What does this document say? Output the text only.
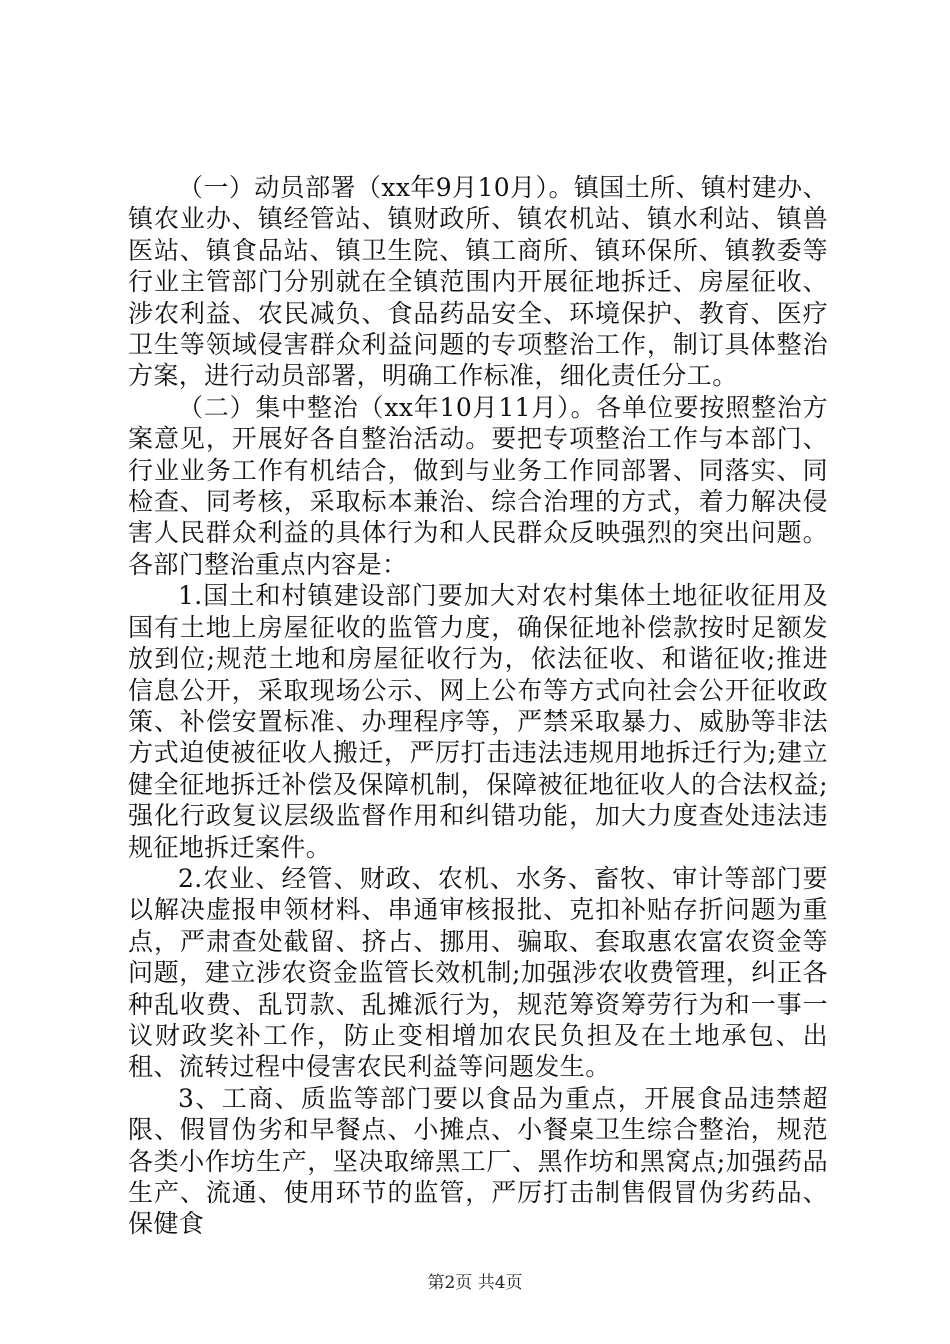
（一）动员部署（xx年9月10月）。镇国土所、镇村建办、镇农业办、镇经管站、镇财政所、镇农机站、镇水利站、镇兽医站、镇食品站、镇卫生院、镇工商所、镇环保所、镇教委等行业主管部门分别就在全镇范围内开展征地拆迁、房屋征收、涉农利益、农民减负、食品药品安全、环境保护、教育、医疗卫生等领域侵害群众利益问题的专项整治工作，制订具体整治方案，进行动员部署，明确工作标准，细化责任分工。

（二）集中整治（xx年10月11月）。各单位要按照整治方案意见，开展好各自整治活动。要把专项整治工作与本部门、行业业务工作有机结合，做到与业务工作同部署、同落实、同检查、同考核，采取标本兼治、综合治理的方式，着力解决侵害人民群众利益的具体行为和人民群众反映强烈的突出问题。各部门整治重点内容是：

1.国土和村镇建设部门要加大对农村集体土地征收征用及国有土地上房屋征收的监管力度，确保征地补偿款按时足额发放到位;规范土地和房屋征收行为，依法征收、和谐征收;推进信息公开，采取现场公示、网上公布等方式向社会公开征收政策、补偿安置标准、办理程序等，严禁采取暴力、威胁等非法方式迫使被征收人搬迁，严厉打击违法违规用地拆迁行为;建立健全征地拆迁补偿及保障机制，保障被征地征收人的合法权益;强化行政复议层级监督作用和纠错功能，加大力度查处违法违规征地拆迁案件。

2.农业、经管、财政、农机、水务、畜牧、审计等部门要以解决虚报申领材料、串通审核报批、克扣补贴存折问题为重点，严肃查处截留、挤占、挪用、骗取、套取惠农富农资金等问题，建立涉农资金监管长效机制;加强涉农收费管理，纠正各种乱收费、乱罚款、乱摊派行为，规范筹资筹劳行为和一事一议财政奖补工作，防止变相增加农民负担及在土地承包、出租、流转过程中侵害农民利益等问题发生。

3、工商、质监等部门要以食品为重点，开展食品违禁超限、假冒伪劣和早餐点、小摊点、小餐桌卫生综合整治，规范各类小作坊生产，坚决取缔黑工厂、黑作坊和黑窝点;加强药品生产、流通、使用环节的监管，严厉打击制售假冒伪劣药品、保健食

第2页 共4页
